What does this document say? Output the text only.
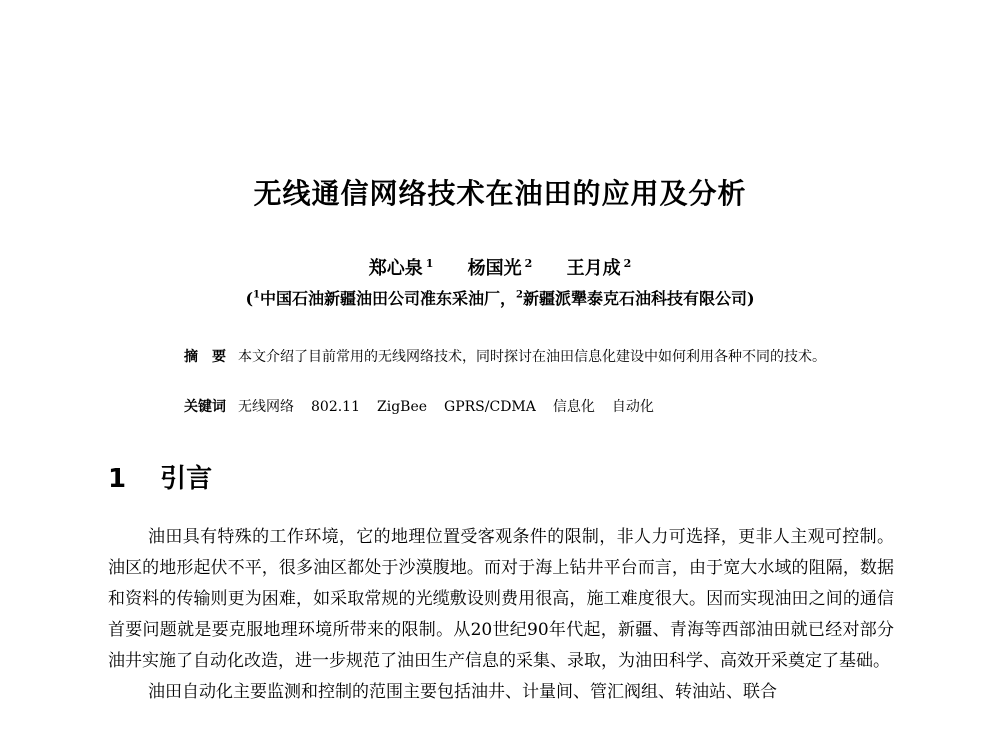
无线通信网络技术在油田的应用及分析
郑心泉 $^1$ 杨国光 $^2$ 王月成 $^2$
($^1$中国石油新疆油田公司准东采油厂，$^2$新疆派犟泰克石油科技有限公司)

摘　要 本文介绍了目前常用的无线网络技术，同时探讨在油田信息化建设中如何利用各种不同的技术。

关键词 无线网络 802.11 ZigBee GPRS/CDMA 信息化 自动化
1 引言

油田具有特殊的工作环境，它的地理位置受客观条件的限制，非人力可选择，更非人主观可控制。油区的地形起伏不平，很多油区都处于沙漠腹地。而对于海上钻井平台而言，由于宽大水域的阻隔，数据和资料的传输则更为困难，如采取常规的光缆敷设则费用很高，施工难度很大。因而实现油田之间的通信首要问题就是要克服地理环境所带来的限制。从20世纪90年代起，新疆、青海等西部油田就已经对部分油井实施了自动化改造，进一步规范了油田生产信息的采集、录取，为油田科学、高效开采奠定了基础。

油田自动化主要监测和控制的范围主要包括油井、计量间、管汇阀组、转油站、联合
